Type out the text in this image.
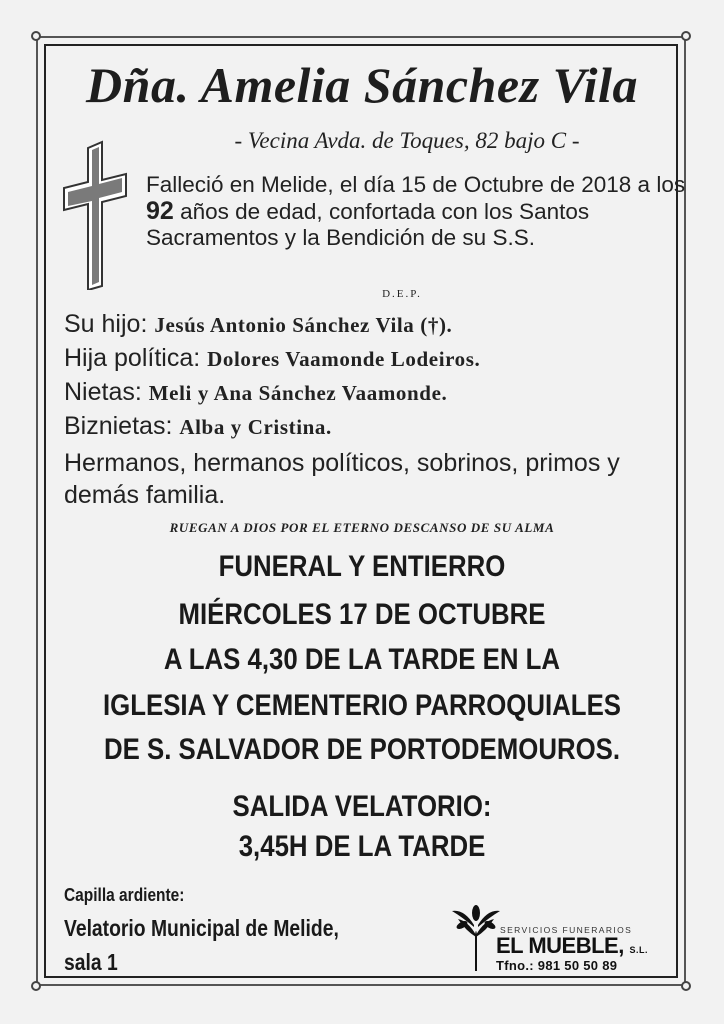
Dña. Amelia Sánchez Vila
- Vecina Avda. de Toques, 82 bajo C -
Falleció en Melide, el día 15 de Octubre de 2018 a los 92 años de edad, confortada con los Santos Sacramentos y la Bendición de su S.S.
D.E.P.
Su hijo: Jesús Antonio Sánchez Vila (†).
Hija política: Dolores Vaamonde Lodeiros.
Nietas: Meli y Ana Sánchez Vaamonde.
Biznietas: Alba y Cristina.
Hermanos, hermanos políticos, sobrinos, primos y demás familia.
RUEGAN A DIOS POR EL ETERNO DESCANSO DE SU ALMA
FUNERAL Y ENTIERRO
MIÉRCOLES 17 DE OCTUBRE
A LAS 4,30 DE LA TARDE EN LA
IGLESIA Y CEMENTERIO PARROQUIALES
DE S. SALVADOR DE PORTODEMOUROS.
SALIDA VELATORIO:
3,45H DE LA TARDE
Capilla ardiente:
Velatorio Municipal de Melide,
sala 1
SERVICIOS FUNERARIOS
EL MUEBLE, S.L.
Tfno.: 981 50 50 89
